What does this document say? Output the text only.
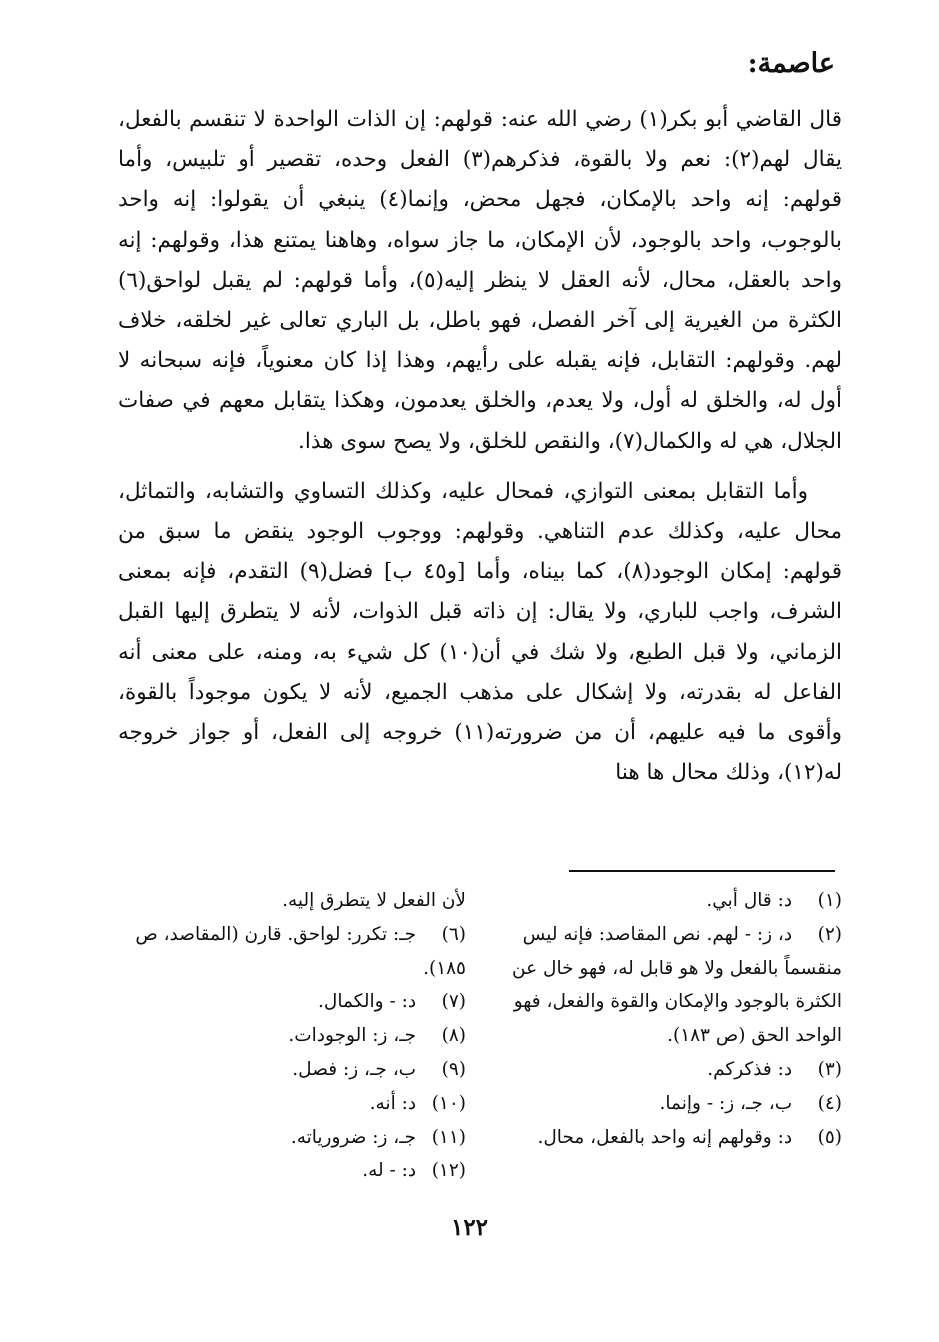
عاصمة:

قال القاضي أبو بكر(١) رضي الله عنه: قولهم: إن الذات الواحدة لا تنقسم بالفعل، يقال لهم(٢): نعم ولا بالقوة، فذكرهم(٣) الفعل وحده، تقصير أو تلبيس، وأما قولهم: إنه واحد بالإمكان، فجهل محض، وإنما(٤) ينبغي أن يقولوا: إنه واحد بالوجوب، واحد بالوجود، لأن الإمكان، ما جاز سواه، وهاهنا يمتنع هذا، وقولهم: إنه واحد بالعقل، محال، لأنه العقل لا ينظر إليه(٥)، وأما قولهم: لم يقبل لواحق(٦) الكثرة من الغيرية إلى آخر الفصل، فهو باطل، بل الباري تعالى غير لخلقه، خلاف لهم. وقولهم: التقابل، فإنه يقبله على رأيهم، وهذا إذا كان معنوياً، فإنه سبحانه لا أول له، والخلق له أول، ولا يعدم، والخلق يعدمون، وهكذا يتقابل معهم في صفات الجلال، هي له والكمال(٧)، والنقص للخلق، ولا يصح سوى هذا.

وأما التقابل بمعنى التوازي، فمحال عليه، وكذلك التساوي والتشابه، والتماثل، محال عليه، وكذلك عدم التناهي. وقولهم: ووجوب الوجود ينقض ما سبق من قولهم: إمكان الوجود(٨)، كما بيناه، وأما [و٤٥ ب] فضل(٩) التقدم، فإنه بمعنى الشرف، واجب للباري، ولا يقال: إن ذاته قبل الذوات، لأنه لا يتطرق إليها القبل الزماني، ولا قبل الطبع، ولا شك في أن(١٠) كل شيء به، ومنه، على معنى أنه الفاعل له بقدرته، ولا إشكال على مذهب الجميع، لأنه لا يكون موجوداً بالقوة، وأقوى ما فيه عليهم، أن من ضرورته(١١) خروجه إلى الفعل، أو جواز خروجه له(١٢)، وذلك محال ها هنا

(١) د: قال أبي.

(٢) د، ز: - لهم. نص المقاصد: فإنه ليس منقسماً بالفعل ولا هو قابل له، فهو خال عن الكثرة بالوجود والإمكان والقوة والفعل، فهو الواحد الحق (ص ١٨٣).

(٣) د: فذكركم.

(٤) ب، جـ، ز: - وإنما.

(٥) د: وقولهم إنه واحد بالفعل، محال.

لأن الفعل لا يتطرق إليه.

(٦) جـ: تكرر: لواحق. قارن (المقاصد، ص ١٨٥).

(٧) د: - والكمال.

(٨) جـ، ز: الوجودات.

(٩) ب، جـ، ز: فصل.

(١٠) د: أنه.

(١١) جـ، ز: ضرورياته.

(١٢) د: - له.

١٢٢
